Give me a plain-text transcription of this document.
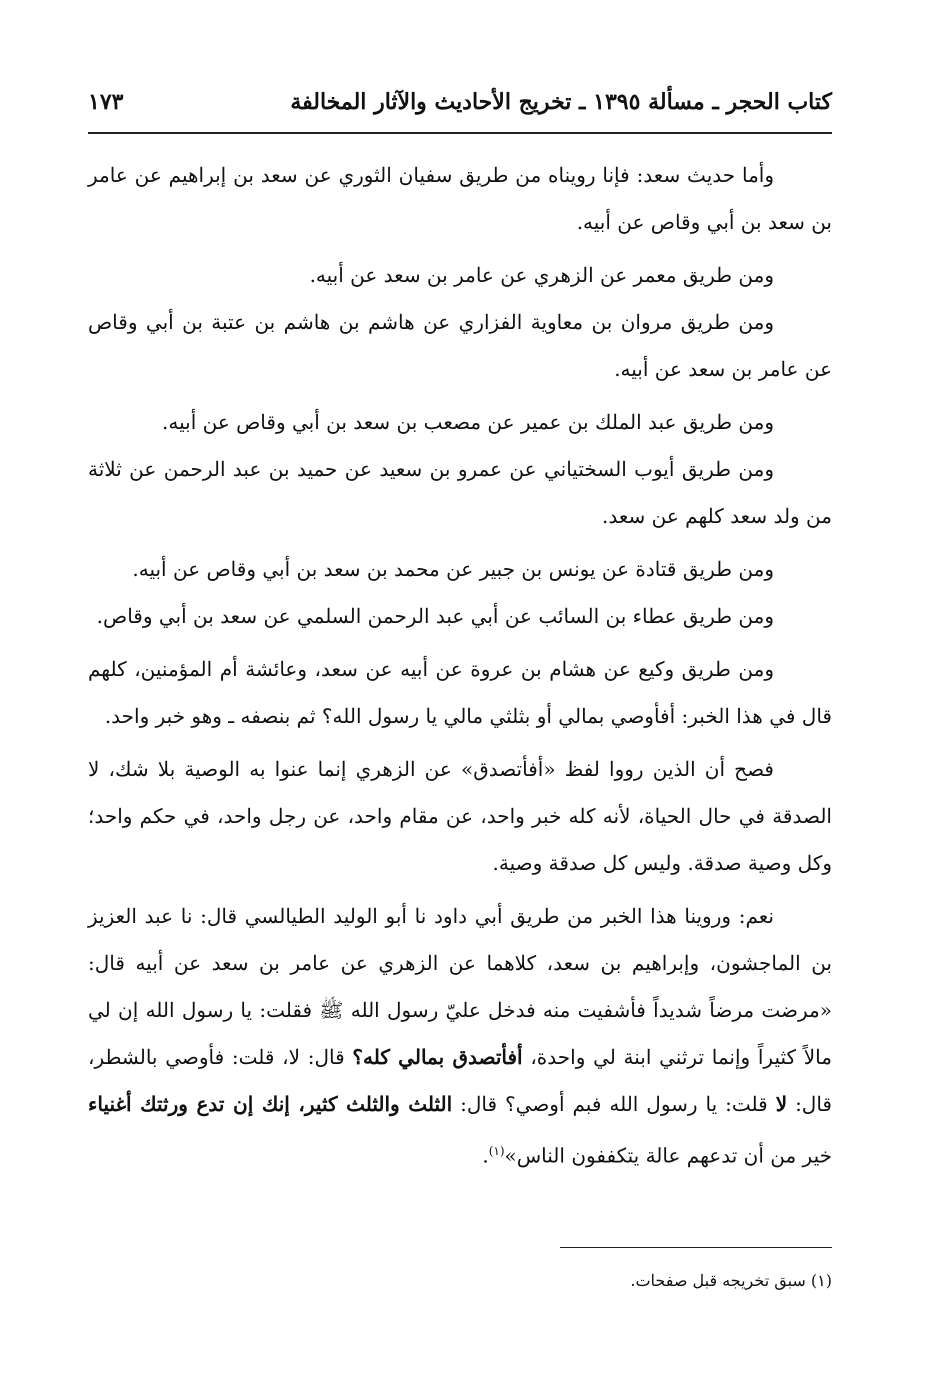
كتاب الحجر ـ مسألة ١٣٩٥ ـ تخريج الأحاديث والآثار المخالفة
١٧٣

وأما حديث سعد: فإنا رويناه من طريق سفيان الثوري عن سعد بن إبراهيم عن عامر بن سعد بن أبي وقاص عن أبيه.

ومن طريق معمر عن الزهري عن عامر بن سعد عن أبيه.

ومن طريق مروان بن معاوية الفزاري عن هاشم بن هاشم بن عتبة بن أبي وقاص عن عامر بن سعد عن أبيه.

ومن طريق عبد الملك بن عمير عن مصعب بن سعد بن أبي وقاص عن أبيه.

ومن طريق أيوب السختياني عن عمرو بن سعيد عن حميد بن عبد الرحمن عن ثلاثة من ولد سعد كلهم عن سعد.

ومن طريق قتادة عن يونس بن جبير عن محمد بن سعد بن أبي وقاص عن أبيه.

ومن طريق عطاء بن السائب عن أبي عبد الرحمن السلمي عن سعد بن أبي وقاص.

ومن طريق وكيع عن هشام بن عروة عن أبيه عن سعد، وعائشة أم المؤمنين، كلهم قال في هذا الخبر: أفأوصي بمالي أو بثلثي مالي يا رسول الله؟ ثم بنصفه ـ وهو خبر واحد.

فصح أن الذين رووا لفظ «أفأتصدق» عن الزهري إنما عنوا به الوصية بلا شك، لا الصدقة في حال الحياة، لأنه كله خبر واحد، عن مقام واحد، عن رجل واحد، في حكم واحد؛ وكل وصية صدقة. وليس كل صدقة وصية.

نعم: وروينا هذا الخبر من طريق أبي داود نا أبو الوليد الطيالسي قال: نا عبد العزيز بن الماجشون، وإبراهيم بن سعد، كلاهما عن الزهري عن عامر بن سعد عن أبيه قال: «مرضت مرضاً شديداً فأشفيت منه فدخل عليّ رسول الله ﷺ فقلت: يا رسول الله إن لي مالاً كثيراً وإنما ترثني ابنة لي واحدة، أفأتصدق بمالي كله؟ قال: لا، قلت: فأوصي بالشطر، قال: لا قلت: يا رسول الله فبم أوصي؟ قال: الثلث والثلث كثير، إنك إن تدع ورثتك أغنياء خير من أن تدعهم عالة يتكففون الناس»$^{(١)}$.

(١) سبق تخريجه قبل صفحات.
